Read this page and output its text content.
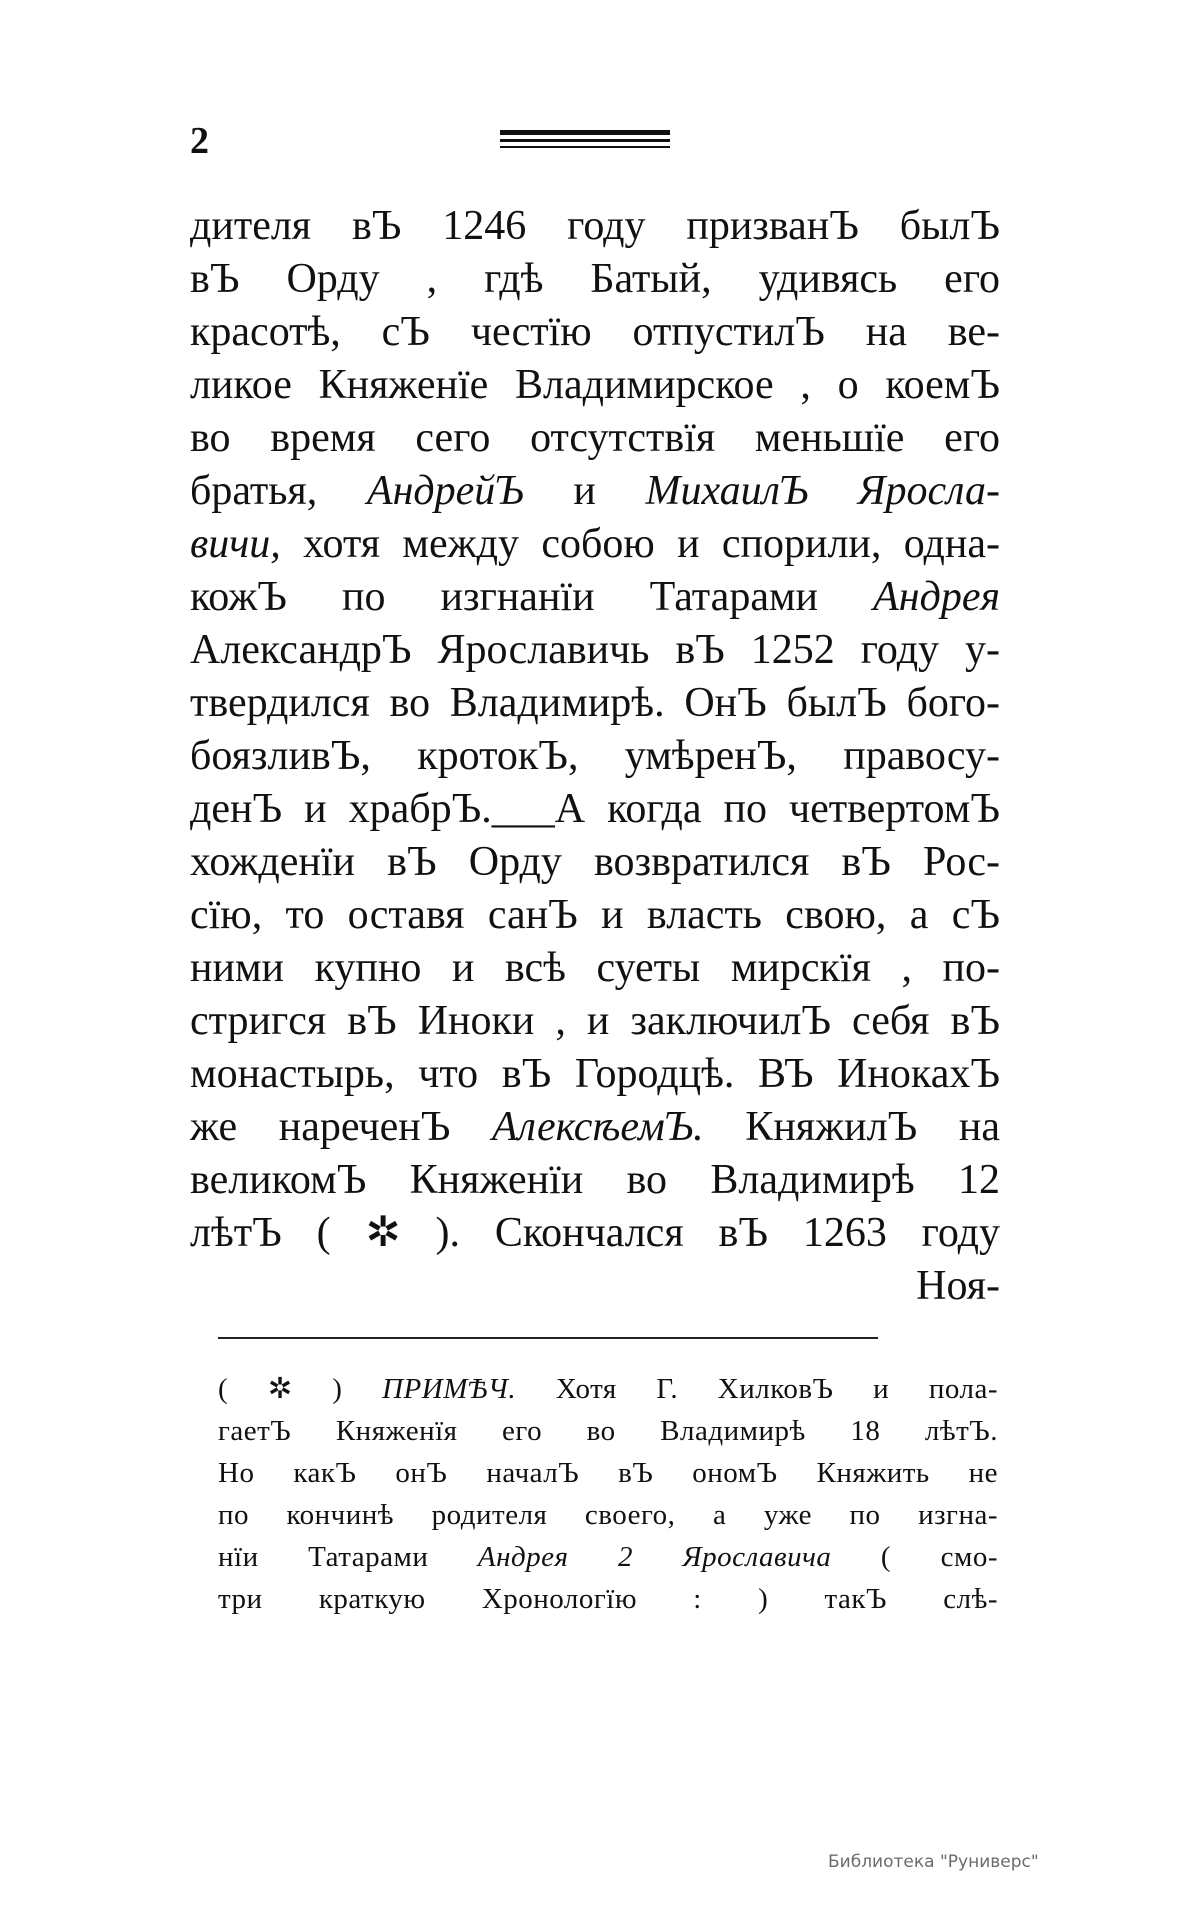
2
дителя вЪ 1246 году призванЪ былЪ
вЪ Орду , гдѣ Батый, удивясь его
красотѣ, сЪ честїю отпустилЪ на ве-
ликое Княженїе Владимирское , о коемЪ
во время сего отсутствїя меньшїе его
братья, АндрейЪ и МихаилЪ Яросла-
вичи, хотя между собою и спорили, одна-
кожЪ по изгнанїи Татарами Андрея
АлександрЪ Ярославичь вЪ 1252 году у-
твердился во Владимирѣ. ОнЪ былЪ бого-
боязливЪ, кротокЪ, умѣренЪ, правосу-
денЪ и храбрЪ.___А когда по четвертомЪ
хожденїи вЪ Орду возвратился вЪ Рос-
сїю, то оставя санЪ и власть свою, а сЪ
ними купно и всѣ суеты мирскїя , по-
стригся вЪ Иноки , и заключилЪ себя вЪ
монастырь, что вЪ Городцѣ. ВЪ ИнокахЪ
же нареченЪ АлексѣемЪ. КняжилЪ на
великомЪ Княженїи во Владимирѣ 12
лѣтЪ ( ✲ ). Скончался вЪ 1263 году
Ноя-
( ✲ ) ПРИМѢЧ. Хотя Г. ХилковЪ и пола-
гаетЪ Княженїя его во Владимирѣ 18 лѣтЪ.
Но какЪ онЪ началЪ вЪ ономЪ Княжить не
по кончинѣ родителя своего, а уже по изгна-
нїи Татарами Андрея 2 Ярославича ( смо-
три краткую Хронологїю : ) такЪ слѣ-
Библиотека "Руниверс"
